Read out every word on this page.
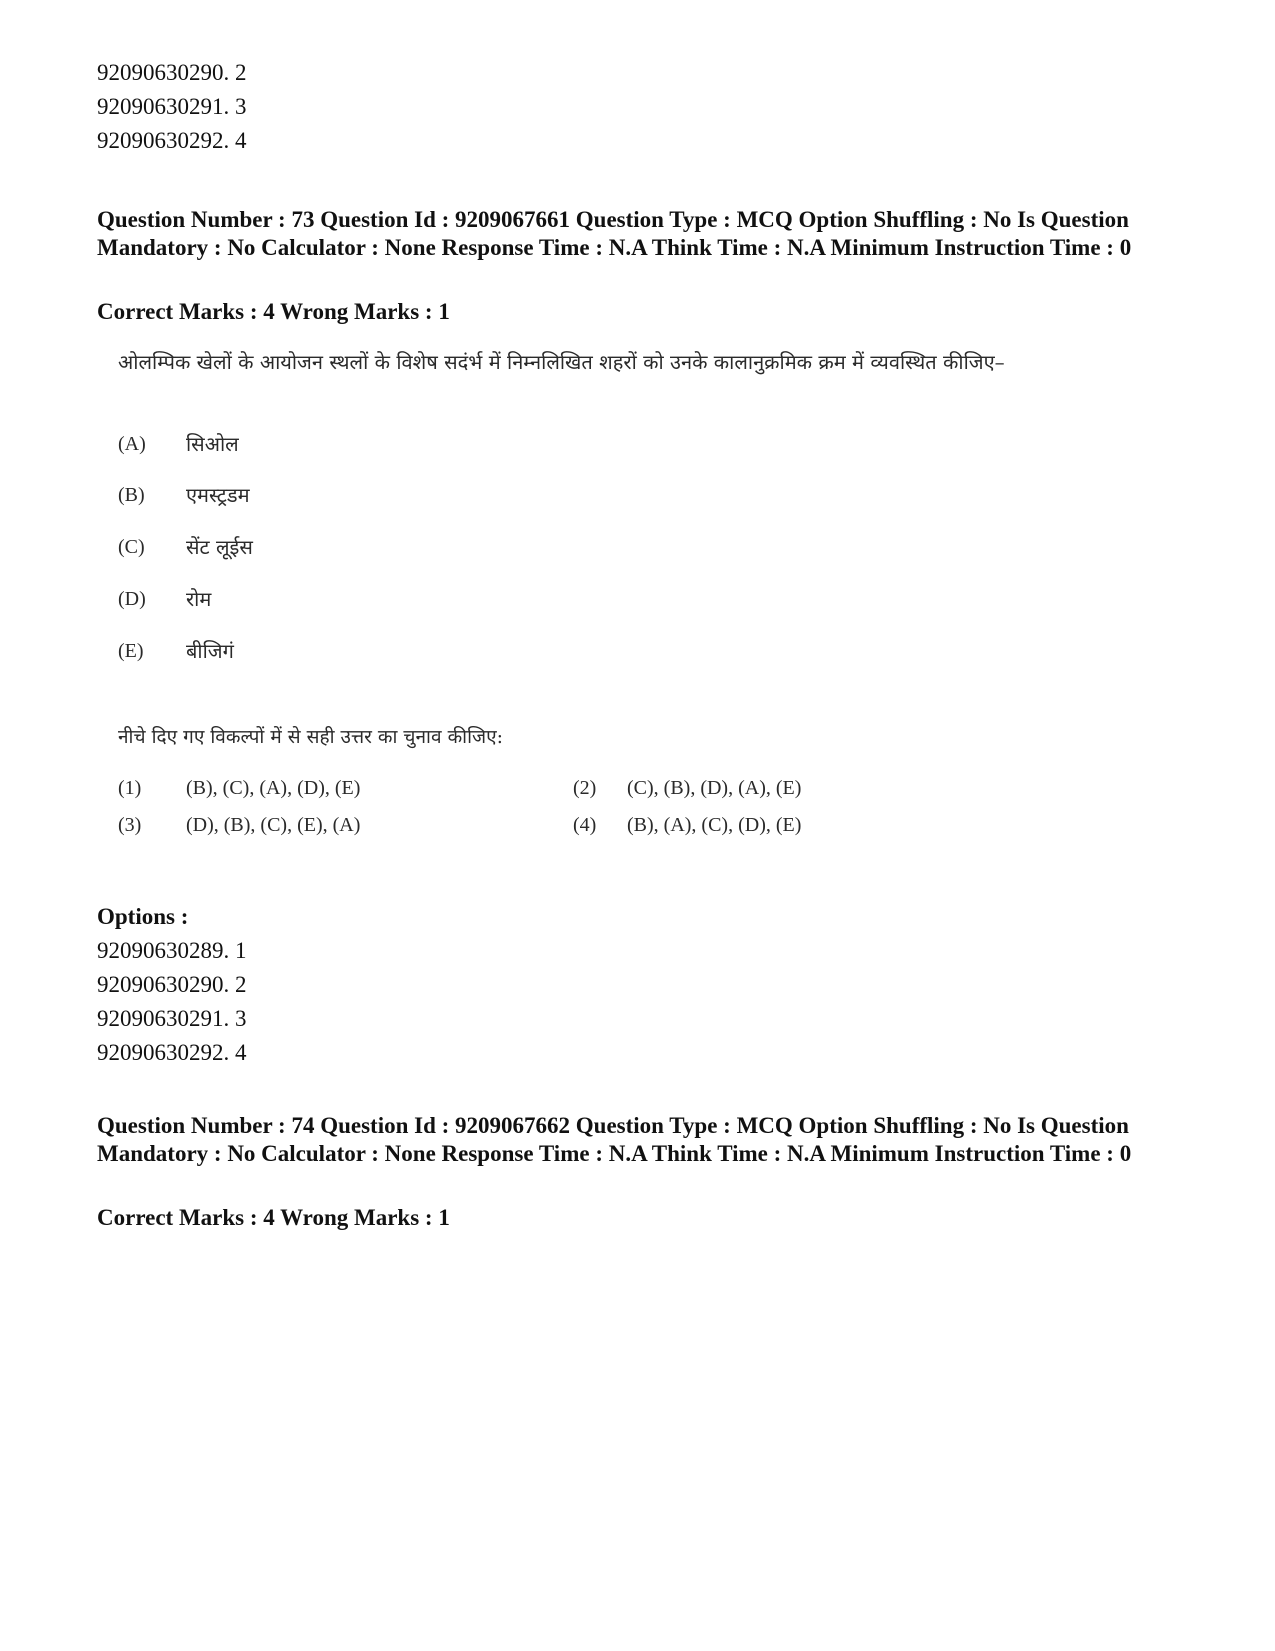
92090630290. 2
92090630291. 3
92090630292. 4
Question Number : 73 Question Id : 9209067661 Question Type : MCQ Option Shuffling : No Is Question Mandatory : No Calculator : None Response Time : N.A Think Time : N.A Minimum Instruction Time : 0
Correct Marks : 4 Wrong Marks : 1
ओलम्पिक खेलों के आयोजन स्थलों के विशेष सदंर्भ में निम्नलिखित शहरों को उनके कालानुक्रमिक क्रम में व्यवस्थित कीजिए–
(A) सिओल
(B) एमस्ट्रडम
(C) सेंट लूईस
(D) रोम
(E) बीजिगं
नीचे दिए गए विकल्पों में से सही उत्तर का चुनाव कीजिए:
(1) (B), (C), (A), (D), (E)	(2) (C), (B), (D), (A), (E)
(3) (D), (B), (C), (E), (A)	(4) (B), (A), (C), (D), (E)
Options :
92090630289. 1
92090630290. 2
92090630291. 3
92090630292. 4
Question Number : 74 Question Id : 9209067662 Question Type : MCQ Option Shuffling : No Is Question Mandatory : No Calculator : None Response Time : N.A Think Time : N.A Minimum Instruction Time : 0
Correct Marks : 4 Wrong Marks : 1
